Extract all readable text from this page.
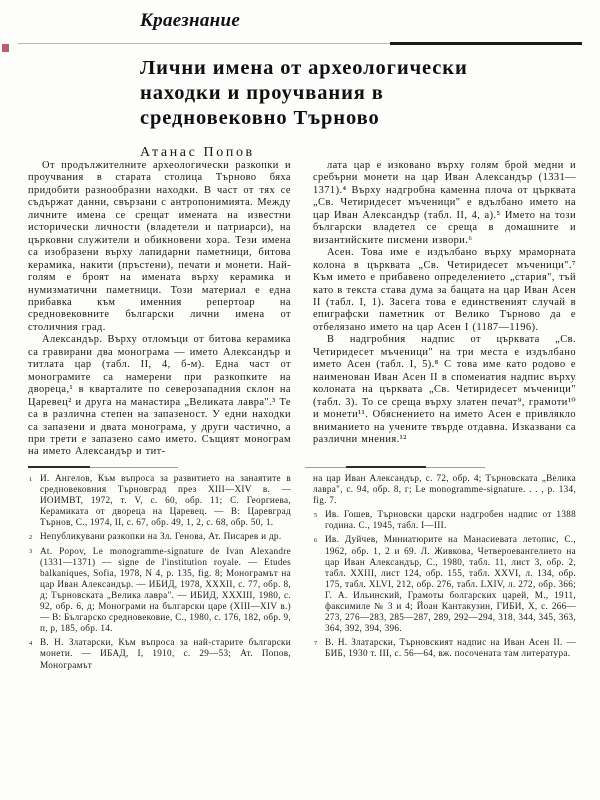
Краезнание
Лични имена от археологически
находки и проучвания в
средновековно Търново
Атанас Попов

От продължителните археологически разкопки и проучвания в старата столица Търново бяха придобити разнообразни находки. В част от тях се съдържат данни, свързани с антропонимията. Между личните имена се срещат имената на известни исторически личности (владетели и патриарси), на църковни служители и обикновени хора. Тези имена са изобразени върху лапидарни паметници, битова керамика, накити (пръстени), печати и монети. Най-голям е броят на имената върху керамика и нумизматични паметници. Този материал е една прибавка към именния репертоар на средновековните български лични имена от столичния град.

Александър. Върху отломъци от битова керамика са гравирани два монограма — името Александър и титлата цар (табл. II, 4, б-м). Една част от монограмите са намерени при разкопките на двореца,¹ в кварталите по северозападния склон на Царевец² и друга на манастира „Великата лавра".³ Те са в различна степен на запазеност. У едни находки са запазени и двата монограма, у други частично, а при трети е запазено само името. Същият монограм на името Александър и тит-

лата цар е изковано върху голям брой медни и сребърни монети на цар Иван Александър (1331—1371).⁴ Върху надгробна каменна плоча от църквата „Св. Четиридесет мъченици" е вдълбано името на цар Иван Александър (табл. II, 4, а).⁵ Името на този български владетел се среща в домашните и византийските писмени извори.⁶

Асен. Това име е издълбано върху мраморната колона в църквата „Св. Четиридесет мъченици".⁷ Към името е прибавено определението „стария", тъй като в текста става дума за бащата на цар Иван Асен II (табл. I, 1). Засега това е единственият случай в епиграфски паметник от Велико Търново да е отбелязано името на цар Асен I (1187—1196).

В надгробния надпис от църквата „Св. Четиридесет мъченици" на три места е издълбано името Асен (табл. I, 5).⁸ С това име като родово е наименован Иван Асен II в споменатия надпис върху колоната на църквата „Св. Четиридесет мъченици" (табл. 3). То се среща върху златен печат⁹, грамоти¹⁰ и монети¹¹. Обяснението на името Асен е привлякло вниманието на учените твърде отдавна. Изказвани са различни мнения.¹²

1 И. Ангелов, Към въпроса за развитието на занаятите в средновековния Търновград през XIII—XIV в. — ИОИМВТ, 1972, т. V, с. 60, обр. 11; С. Георгиева, Керамиката от двореца на Царевец. — В: Царевград Търнов, С., 1974, II, с. 67, обр. 49, 1, 2, с. 68, обр. 50, 1.
2 Непубликувани разкопки на Зл. Генова, Ат. Писарев и др.
3 At. Popov, Le monogramme-signature de Ivan Alexandre (1331—1371) — signe de l'institution royale. — Etudes balkaniques, Sofia, 1978, N 4, p. 135, fig. 8; Монограмът на цар Иван Александър. — ИБИД, 1978, XXXII, с. 77, обр. 8, д; Търновската „Велика лавра". — ИБИД, XXXIII, 1980, с. 92, обр. 6, д; Монограми на български царе (XIII—XIV в.) — В: Българско средновековие, С., 1980, с. 176, 182, обр. 9, п, р, 185, обр. 14.
4 В. Н. Златарски, Към въпроса за най-старите български монети. — ИБАД, I, 1910, с. 29—53; Ат. Попов, Монограмът
на цар Иван Александър, с. 72, обр. 4; Търновската „Велика лавра", с. 94, обр. 8, г; Le monogramme-signature. . . , p. 134, fig. 7.
5 Ив. Гошев, Търновски царски надгробен надпис от 1388 година. С., 1945, табл. I—III.
6 Ив. Дуйчев, Миниатюрите на Манасиевата летопис, С., 1962, обр. 1, 2 и 69. Л. Живкова, Четвероевангелието на цар Иван Александър, С., 1980, табл. 11, лист 3, обр. 2, табл. XXIII, лист 124, обр. 155, табл. XXVI, л. 134, обр. 175, табл. XLVI, 212, обр. 276, табл. LXIV, л. 272, обр. 366; Г. А. Ильинский, Грамоты болгарских царей, М., 1911, факсимиле № 3 и 4; Йоан Кантакузин, ГИБИ, X, с. 266—273, 276—283, 285—287, 289, 292—294, 318, 344, 345, 363, 364, 392, 394, 396.
7 В. Н. Златарски, Търновският надпис на Иван Асен II. — БИБ, 1930 т. III, с. 56—64, вж. посочената там литература.
